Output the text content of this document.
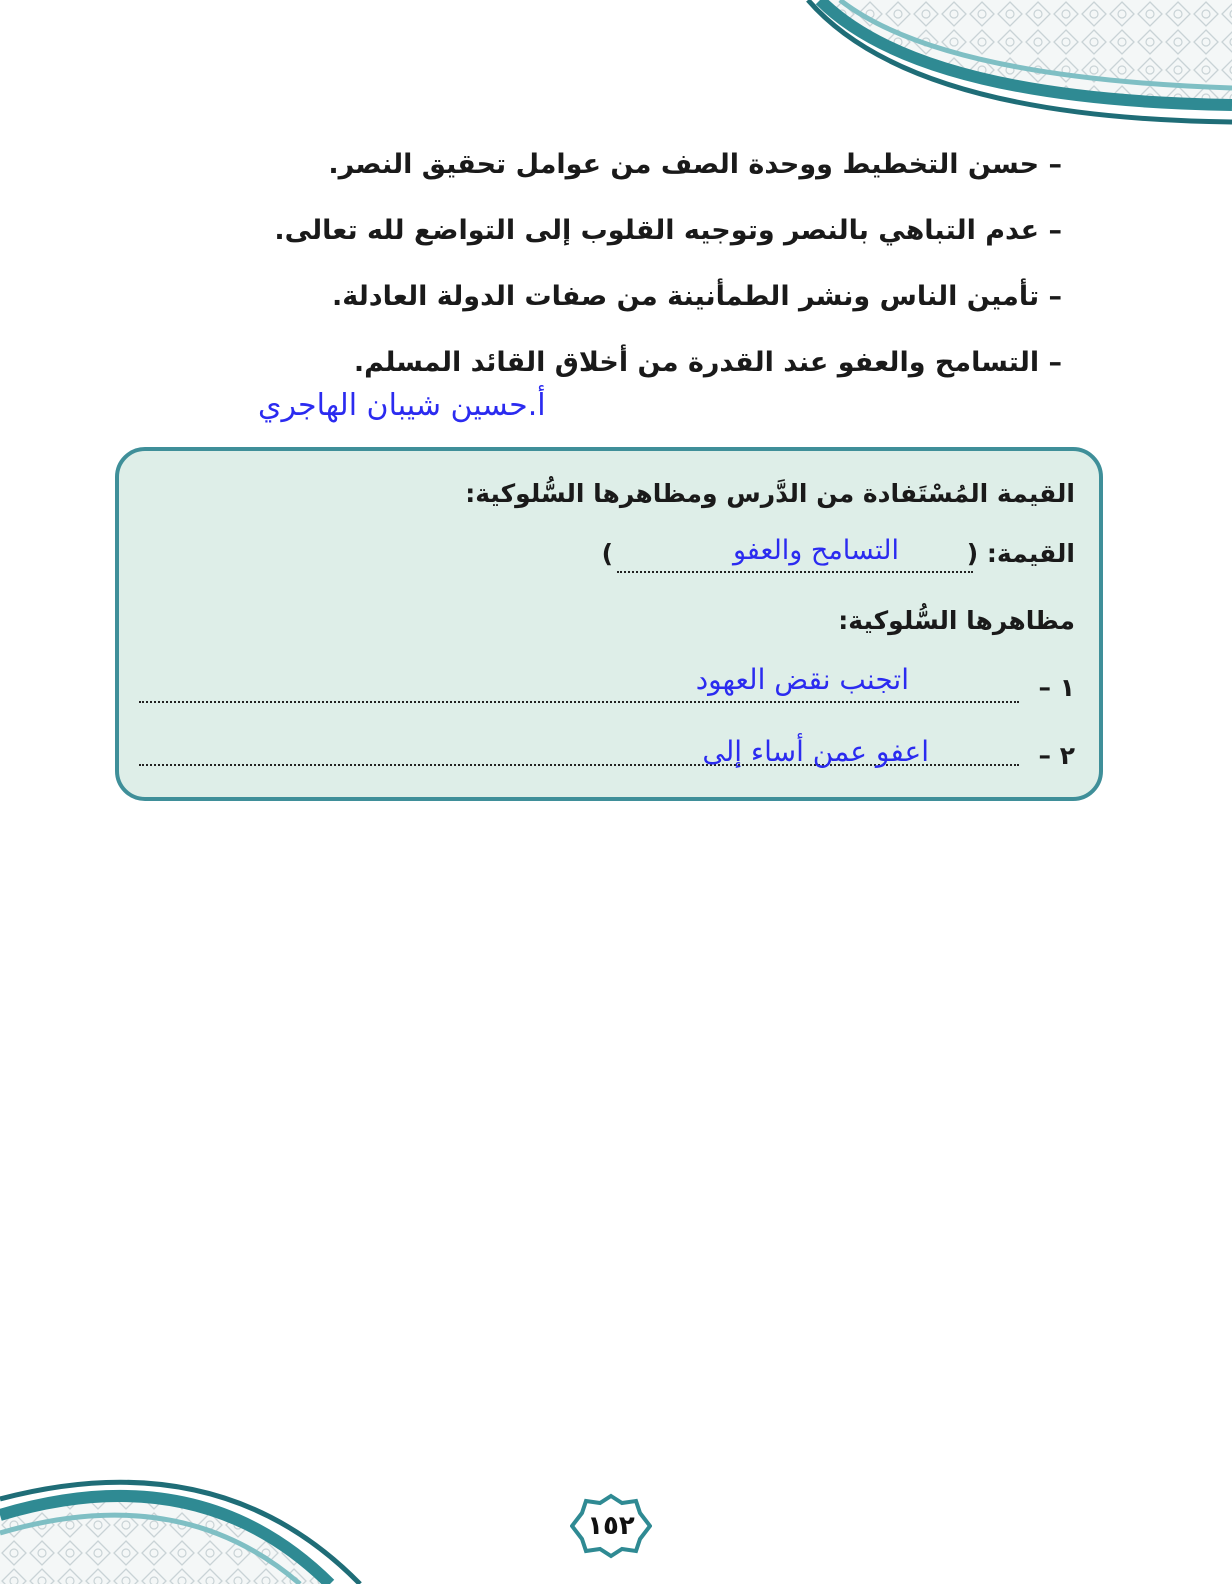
– حسن التخطيط ووحدة الصف من عوامل تحقيق النصر.
– عدم التباهي بالنصر وتوجيه القلوب إلى التواضع لله تعالى.
– تأمين الناس ونشر الطمأنينة من صفات الدولة العادلة.
– التسامح والعفو عند القدرة من أخلاق القائد المسلم.
أ.حسين شيبان الهاجري
القيمة المُسْتَفادة من الدَّرس ومظاهرها السُّلوكية:
القيمة: (
التسامح والعفو
)
مظاهرها السُّلوكية:
١ –
اتجنب نقض العهود
٢ –
اعفو عمن أساء إلى
١٥٢
